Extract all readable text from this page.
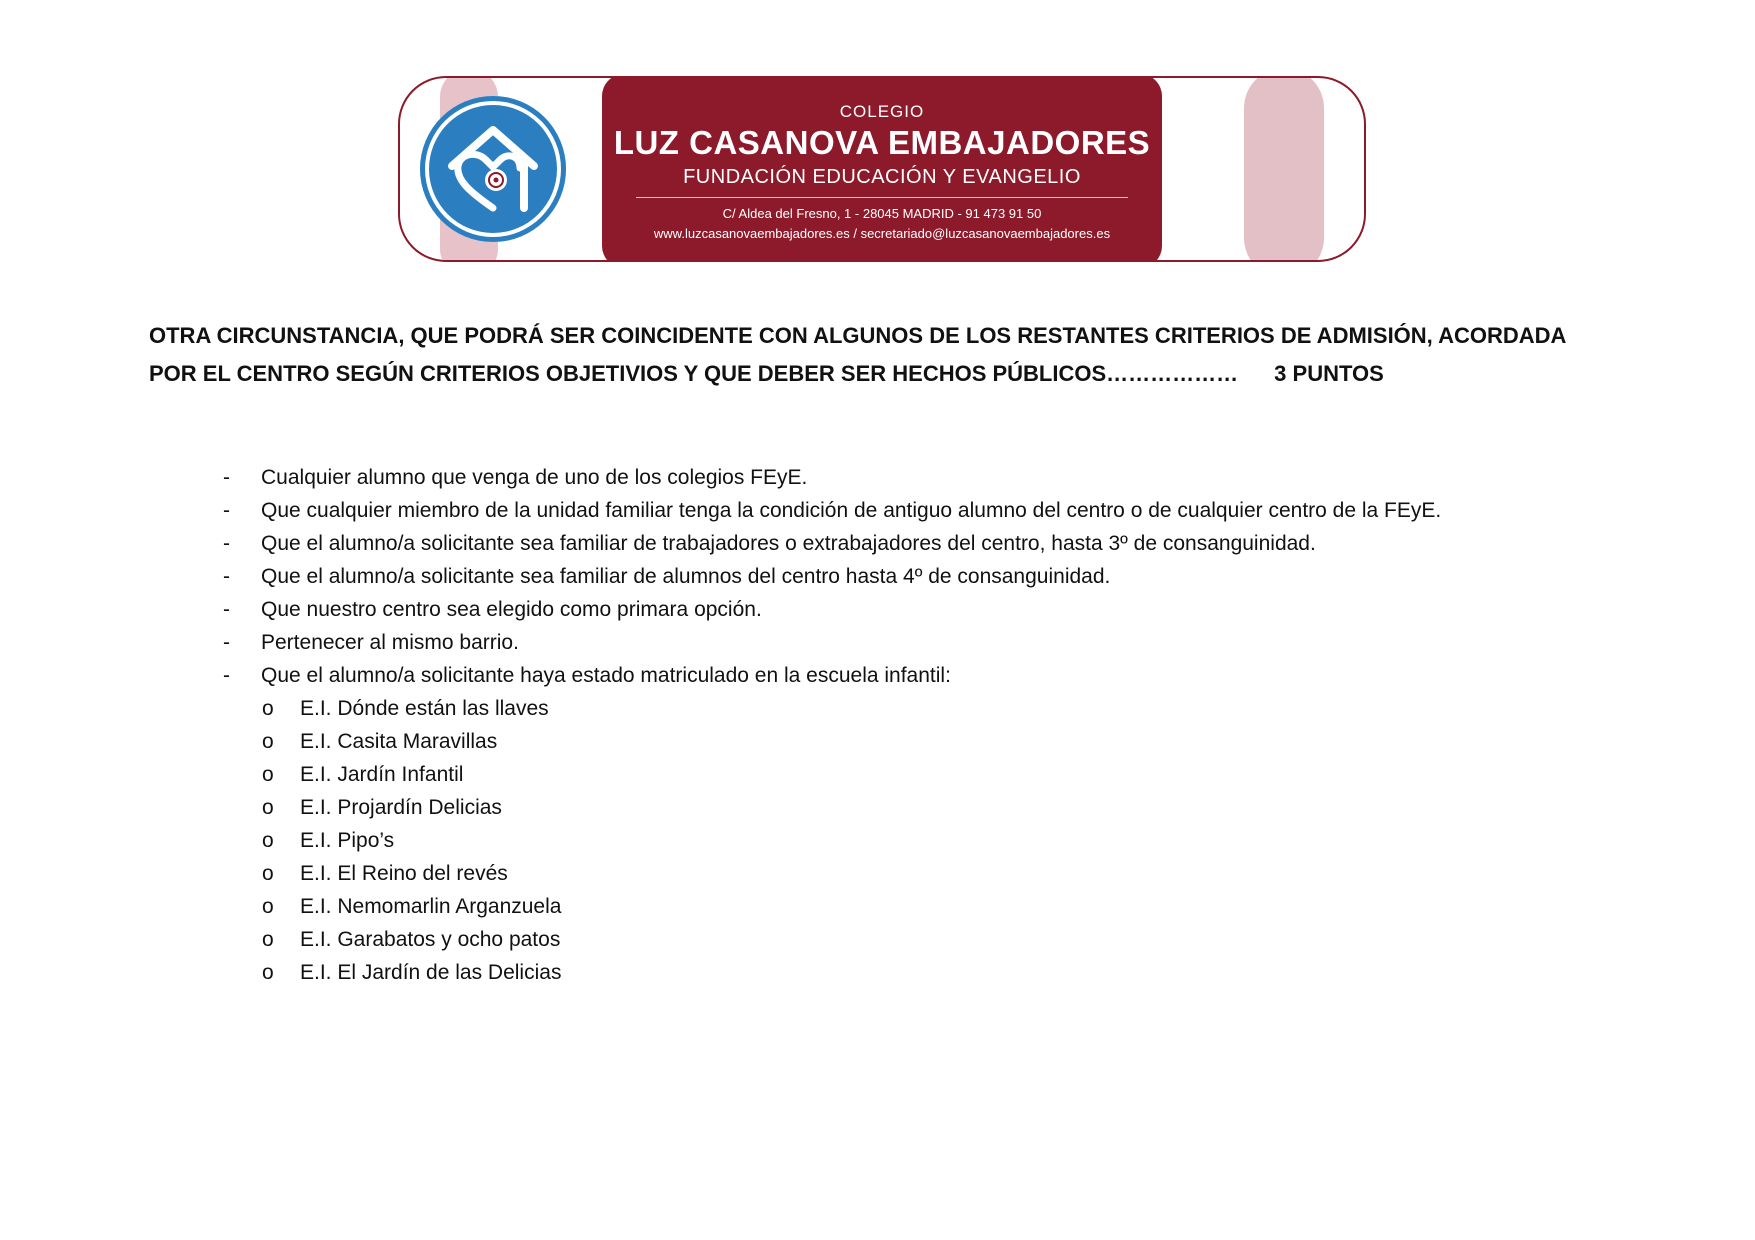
COLEGIO
LUZ CASANOVA EMBAJADORES
FUNDACIÓN EDUCACIÓN Y EVANGELIO
C/ Aldea del Fresno, 1 - 28045 MADRID - 91 473 91 50
www.luzcasanovaembajadores.es / secretariado@luzcasanovaembajadores.es

OTRA CIRCUNSTANCIA, QUE PODRÁ SER COINCIDENTE CON ALGUNOS DE LOS RESTANTES CRITERIOS DE ADMISIÓN, ACORDADA
POR EL CENTRO SEGÚN CRITERIOS OBJETIVIOS Y QUE DEBER SER HECHOS PÚBLICOS……………… 3 PUNTOS

- Cualquier alumno que venga de uno de los colegios FEyE.
- Que cualquier miembro de la unidad familiar tenga la condición de antiguo alumno del centro o de cualquier centro de la FEyE.
- Que el alumno/a solicitante sea familiar de trabajadores o extrabajadores del centro, hasta 3º de consanguinidad.
- Que el alumno/a solicitante sea familiar de alumnos del centro hasta 4º de consanguinidad.
- Que nuestro centro sea elegido como primara opción.
- Pertenecer al mismo barrio.
- Que el alumno/a solicitante haya estado matriculado en la escuela infantil:
o E.I. Dónde están las llaves
o E.I. Casita Maravillas
o E.I. Jardín Infantil
o E.I. Projardín Delicias
o E.I. Pipo’s
o E.I. El Reino del revés
o E.I. Nemomarlin Arganzuela
o E.I. Garabatos y ocho patos
o E.I. El Jardín de las Delicias
